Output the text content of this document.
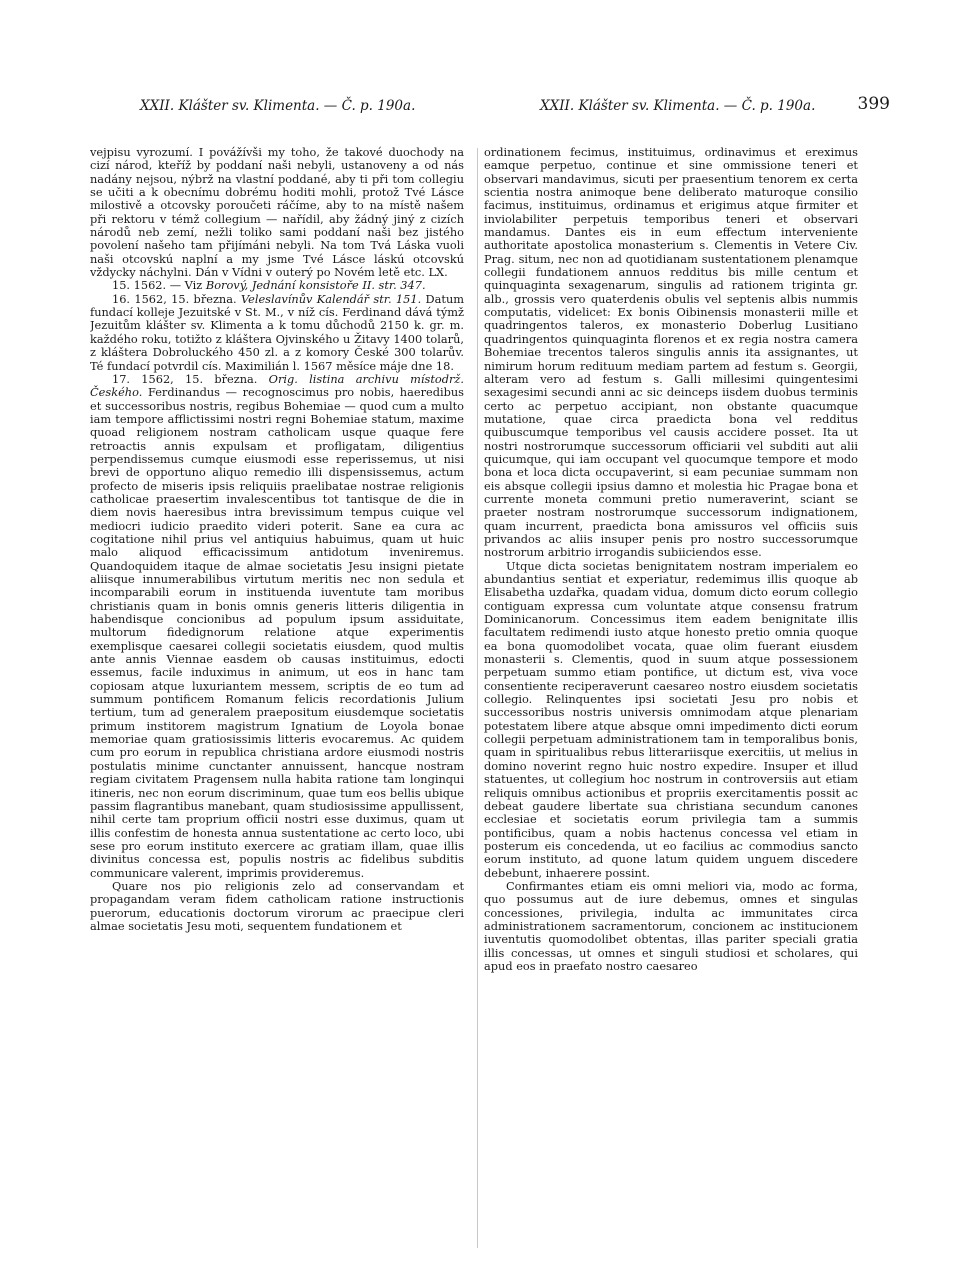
XXII. Klášter sv. Klimenta. — Č. p. 190a.	XXII. Klášter sv. Klimenta. — Č. p. 190a. 399

vejpisu vyrozumí. I povážívši my toho, že takové duochody na cizí národ, kteříž by poddaní naši nebyli, ustanoveny a od nás nadány nejsou, nýbrž na vlastní poddané, aby ti při tom collegiu se učiti a k obecnímu dobrému hoditi mohli, protož Tvé Lásce milostivě a otcovsky poroučeti ráčíme, aby to na místě našem při rektoru v témž collegium — nařídil, aby žádný jiný z cizích národů neb zemí, nežli toliko sami poddaní naši bez jistého povolení našeho tam přijímáni nebyli. Na tom Tvá Láska vuoli naši otcovskú naplní a my jsme Tvé Lásce láskú otcovskú vždycky náchylni. Dán v Vídni v outerý po Novém letě etc. LX.

15. 1562. — Viz Borový, Jednání konsistoře II. str. 347.

16. 1562, 15. března. Veleslavínův Kalendář str. 151. Datum fundací kolleje Jezuitské v St. M., v níž cís. Ferdinand dává týmž Jezuitům klášter sv. Klimenta a k tomu důchodů 2150 k. gr. m. každého roku, totižto z kláštera Ojvinského u Žitavy 1400 tolarů, z kláštera Dobroluckého 450 zl. a z komory České 300 tolarův. Té fundací potvrdil cís. Maximilián l. 1567 měsíce máje dne 18.

17. 1562, 15. března. Orig. listina archivu místodrž. Českého. Ferdinandus — recognoscimus pro nobis, haeredibus et successoribus nostris, regibus Bohemiae — quod cum a multo iam tempore afflictissimi nostri regni Bohemiae statum, maxime quoad religionem nostram catholicam usque quaque fere retroactis annis expulsam et profligatam, diligentius perpendissemus cumque eiusmodi esse reperissemus, ut nisi brevi de opportuno aliquo remedio illi dispensissemus, actum profecto de miseris ipsis reliquiis praelibatae nostrae religionis catholicae praesertim invalescentibus tot tantisque de die in diem novis haeresibus intra brevissimum tempus cuique vel mediocri iudicio praedito videri poterit. Sane ea cura ac cogitatione nihil prius vel antiquius habuimus, quam ut huic malo aliquod efficacissimum antidotum inveniremus. Quandoquidem itaque de almae societatis Jesu insigni pietate aliisque innumerabilibus virtutum meritis nec non sedula et incomparabili eorum in instituenda iuventute tam moribus christianis quam in bonis omnis generis litteris diligentia in habendisque concionibus ad populum ipsum assiduitate, multorum fidedignorum relatione atque experimentis exemplisque caesarei collegii societatis eiusdem, quod multis ante annis Viennae easdem ob causas instituimus, edocti essemus, facile induximus in animum, ut eos in hanc tam copiosam atque luxuriantem messem, scriptis de eo tum ad summum pontificem Romanum felicis recordationis Julium tertium, tum ad generalem praepositum eiusdemque societatis primum institorem magistrum Ignatium de Loyola bonae memoriae quam gratiosissimis litteris evocaremus. Ac quidem cum pro eorum in republica christiana ardore eiusmodi nostris postulatis minime cunctanter annuissent, hancque nostram regiam civitatem Pragensem nulla habita ratione tam longinqui itineris, nec non eorum discriminum, quae tum eos bellis ubique passim flagrantibus manebant, quam studiosissime appullissent, nihil certe tam proprium officii nostri esse duximus, quam ut illis confestim de honesta annua sustentatione ac certo loco, ubi sese pro eorum instituto exercere ac gratiam illam, quae illis divinitus concessa est, populis nostris ac fidelibus subditis communicare valerent, imprimis provideremus.

Quare nos pio religionis zelo ad conservandam et propagandam veram fidem catholicam ratione instructionis puerorum, educationis doctorum virorum ac praecipue cleri almae societatis Jesu moti, sequentem fundationem et

ordinationem fecimus, instituimus, ordinavimus et ereximus eamque perpetuo, continue et sine ommissione teneri et observari mandavimus, sicuti per praesentium tenorem ex certa scientia nostra animoque bene deliberato maturoque consilio facimus, instituimus, ordinamus et erigimus atque firmiter et inviolabiliter perpetuis temporibus teneri et observari mandamus. Dantes eis in eum effectum interveniente authoritate apostolica monasterium s. Clementis in Vetere Civ. Prag. situm, nec non ad quotidianam sustentationem plenamque collegii fundationem annuos redditus bis mille centum et quinquaginta sexagenarum, singulis ad rationem triginta gr. alb., grossis vero quaterdenis obulis vel septenis albis nummis computatis, videlicet: Ex bonis Oibinensis monasterii mille et quadringentos taleros, ex monasterio Doberlug Lusitiano quadringentos quinquaginta florenos et ex regia nostra camera Bohemiae trecentos taleros singulis annis ita assignantes, ut nimirum horum redituum mediam partem ad festum s. Georgii, alteram vero ad festum s. Galli millesimi quingentesimi sexagesimi secundi anni ac sic deinceps iisdem duobus terminis certo ac perpetuo accipiant, non obstante quacumque mutatione, quae circa praedicta bona vel redditus quibuscumque temporibus vel causis accidere posset. Ita ut nostri nostrorumque successorum officiarii vel subditi aut alii quicumque, qui iam occupant vel quocumque tempore et modo bona et loca dicta occupaverint, si eam pecuniae summam non eis absque collegii ipsius damno et molestia hic Pragae bona et currente moneta communi pretio numeraverint, sciant se praeter nostram nostrorumque successorum indignationem, quam incurrent, praedicta bona amissuros vel officiis suis privandos ac aliis insuper penis pro nostro successorumque nostrorum arbitrio irrogandis subiiciendos esse.

Utque dicta societas benignitatem nostram imperialem eo abundantius sentiat et experiatur, redemimus illis quoque ab Elisabetha uzdařka, quadam vidua, domum dicto eorum collegio contiguam expressa cum voluntate atque consensu fratrum Dominicanorum. Concessimus item eadem benignitate illis facultatem redimendi iusto atque honesto pretio omnia quoque ea bona quomodolibet vocata, quae olim fuerant eiusdem monasterii s. Clementis, quod in suum atque possessionem perpetuam summo etiam pontifice, ut dictum est, viva voce consentiente reciperaverunt caesareo nostro eiusdem societatis collegio. Relinquentes ipsi societati Jesu pro nobis et successoribus nostris universis omnimodam atque plenariam potestatem libere atque absque omni impedimento dicti eorum collegii perpetuam administrationem tam in temporalibus bonis, quam in spiritualibus rebus litterariisque exercitiis, ut melius in domino noverint regno huic nostro expedire. Insuper et illud statuentes, ut collegium hoc nostrum in controversiis aut etiam reliquis omnibus actionibus et propriis exercitamentis possit ac debeat gaudere libertate sua christiana secundum canones ecclesiae et societatis eorum privilegia tam a summis pontificibus, quam a nobis hactenus concessa vel etiam in posterum eis concedenda, ut eo facilius ac commodius sancto eorum instituto, ad quone latum quidem unguem discedere debebunt, inhaerere possint.

Confirmantes etiam eis omni meliori via, modo ac forma, quo possumus aut de iure debemus, omnes et singulas concessiones, privilegia, indulta ac immunitates circa administrationem sacramentorum, concionem ac institucionem iuventutis quomodolibet obtentas, illas pariter speciali gratia illis concessas, ut omnes et singuli studiosi et scholares, qui apud eos in praefato nostro caesareo
